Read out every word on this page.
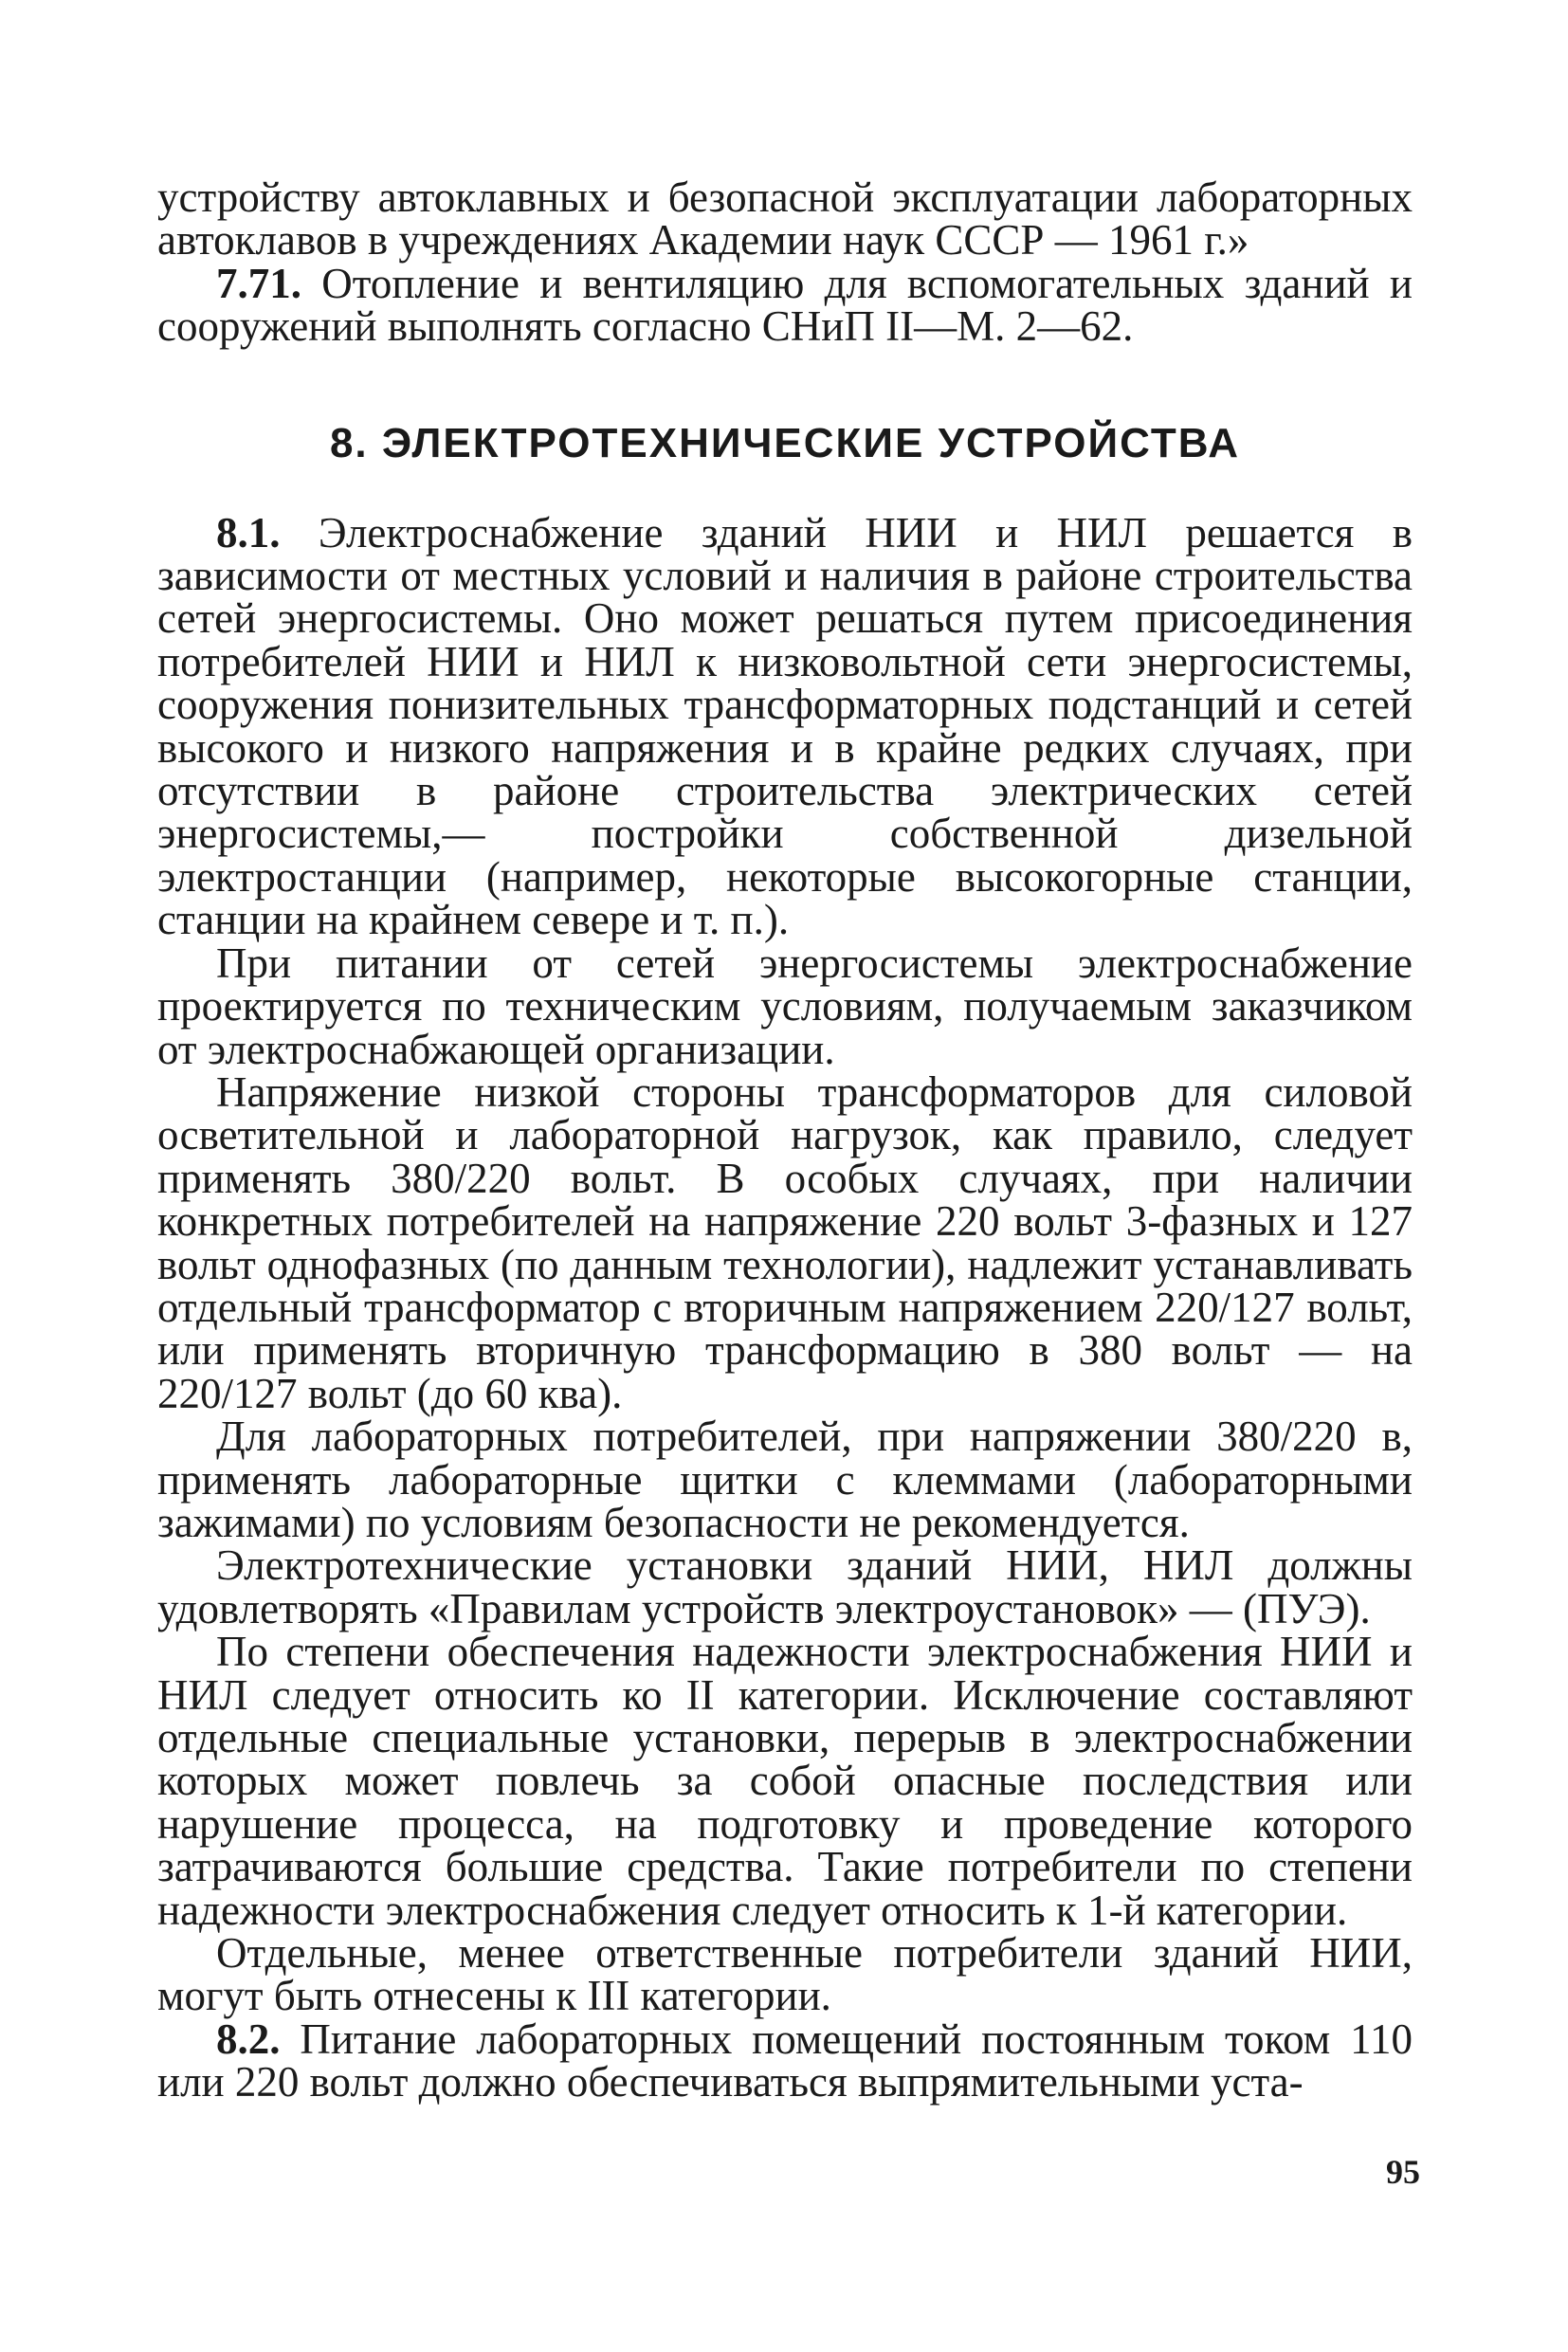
устройству автоклавных и безопасной эксплуатации лабораторных автоклавов в учреждениях Академии наук СССР — 1961 г.»

7.71. Отопление и вентиляцию для вспомогательных зданий и сооружений выполнять согласно СНиП II—М. 2—62.

8. ЭЛЕКТРОТЕХНИЧЕСКИЕ УСТРОЙСТВА

8.1. Электроснабжение зданий НИИ и НИЛ решается в зависимости от местных условий и наличия в районе строительства сетей энергосистемы. Оно может решаться путем присоединения потребителей НИИ и НИЛ к низковольтной сети энергосистемы, сооружения понизительных трансформаторных подстанций и сетей высокого и низкого напряжения и в крайне редких случаях, при отсутствии в районе строительства электрических сетей энергосистемы,— постройки собственной дизельной электростанции (например, некоторые высокогорные станции, станции на крайнем севере и т. п.).

При питании от сетей энергосистемы электроснабжение проектируется по техническим условиям, получаемым заказчиком от электроснабжающей организации.

Напряжение низкой стороны трансформаторов для силовой осветительной и лабораторной нагрузок, как правило, следует применять 380/220 вольт. В особых случаях, при наличии конкретных потребителей на напряжение 220 вольт 3-фазных и 127 вольт однофазных (по данным технологии), надлежит устанавливать отдельный трансформатор с вторичным напряжением 220/127 вольт, или применять вторичную трансформацию в 380 вольт — на 220/127 вольт (до 60 ква).

Для лабораторных потребителей, при напряжении 380/220 в, применять лабораторные щитки с клеммами (лабораторными зажимами) по условиям безопасности не рекомендуется.

Электротехнические установки зданий НИИ, НИЛ должны удовлетворять «Правилам устройств электроустановок» — (ПУЭ).

По степени обеспечения надежности электроснабжения НИИ и НИЛ следует относить ко II категории. Исключение составляют отдельные специальные установки, перерыв в электроснабжении которых может повлечь за собой опасные последствия или нарушение процесса, на подготовку и проведение которого затрачиваются большие средства. Такие потребители по степени надежности электроснабжения следует относить к 1-й категории.

Отдельные, менее ответственные потребители зданий НИИ, могут быть отнесены к III категории.

8.2. Питание лабораторных помещений постоянным током 110 или 220 вольт должно обеспечиваться выпрямительными уста-

95
